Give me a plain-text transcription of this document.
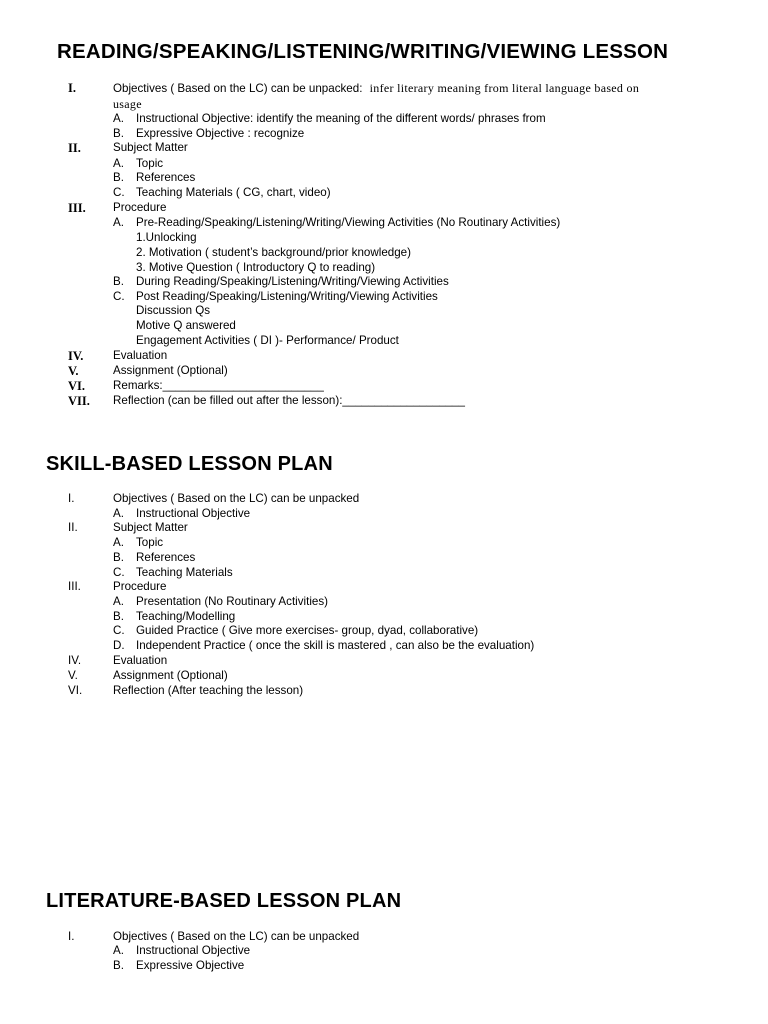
READING/SPEAKING/LISTENING/WRITING/VIEWING LESSON
I.	Objectives ( Based on the LC) can be unpacked: infer literary meaning from literal language based on
usage
A. Instructional Objective: identify the meaning of the different words/ phrases from
B. Expressive Objective : recognize
II.	Subject Matter
A. Topic
B. References
C. Teaching Materials ( CG, chart, video)
III. Procedure
A. Pre-Reading/Speaking/Listening/Writing/Viewing Activities (No Routinary Activities)
1.Unlocking
2. Motivation ( student’s background/prior knowledge)
3. Motive Question ( Introductory Q to reading)
B. During Reading/Speaking/Listening/Writing/Viewing Activities
C. Post Reading/Speaking/Listening/Writing/Viewing Activities
Discussion Qs
Motive Q answered
Engagement Activities ( DI )- Performance/ Product
IV.	Evaluation
V.	Assignment (Optional)
VI. Remarks:_________________________
VII. Reflection (can be filled out after the lesson):___________________
SKILL-BASED LESSON PLAN
I.	Objectives ( Based on the LC) can be unpacked
A. Instructional Objective
II.	Subject Matter
A. Topic
B. References
C. Teaching Materials
III.	Procedure
A. Presentation (No Routinary Activities)
B. Teaching/Modelling
C. Guided Practice ( Give more exercises- group, dyad, collaborative)
D. Independent Practice ( once the skill is mastered , can also be the evaluation)
IV.	Evaluation
V.	Assignment (Optional)
VI.	Reflection (After teaching the lesson)
LITERATURE-BASED LESSON PLAN
I.	Objectives ( Based on the LC) can be unpacked
A. Instructional Objective
B. Expressive Objective
